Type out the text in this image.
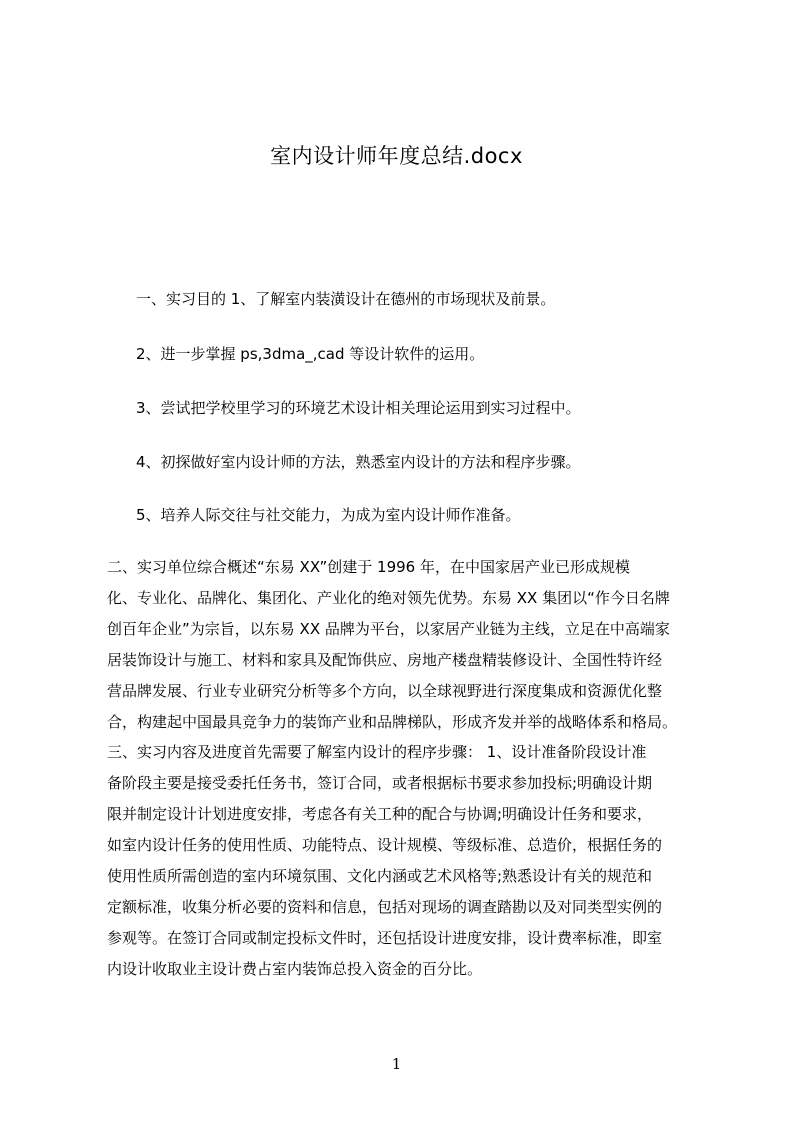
室内设计师年度总结.docx
一、实习目的 1、了解室内装潢设计在德州的市场现状及前景。
2、进一步掌握 ps,3dma_,cad 等设计软件的运用。
3、尝试把学校里学习的环境艺术设计相关理论运用到实习过程中。
4、初探做好室内设计师的方法，熟悉室内设计的方法和程序步骤。
5、培养人际交往与社交能力，为成为室内设计师作准备。
二、实习单位综合概述“东易 XX”创建于 1996 年，在中国家居产业已形成规模
化、专业化、品牌化、集团化、产业化的绝对领先优势。东易 XX 集团以“作今日名牌
创百年企业”为宗旨，以东易 XX 品牌为平台，以家居产业链为主线，立足在中高端家
居装饰设计与施工、材料和家具及配饰供应、房地产楼盘精装修设计、全国性特许经
营品牌发展、行业专业研究分析等多个方向，以全球视野进行深度集成和资源优化整
合，构建起中国最具竞争力的装饰产业和品牌梯队，形成齐发并举的战略体系和格局。
三、实习内容及进度首先需要了解室内设计的程序步骤： 1、设计准备阶段设计准
备阶段主要是接受委托任务书，签订合同，或者根据标书要求参加投标;明确设计期
限并制定设计计划进度安排，考虑各有关工种的配合与协调;明确设计任务和要求，
如室内设计任务的使用性质、功能特点、设计规模、等级标准、总造价，根据任务的
使用性质所需创造的室内环境氛围、文化内涵或艺术风格等;熟悉设计有关的规范和
定额标准，收集分析必要的资料和信息，包括对现场的调查踏勘以及对同类型实例的
参观等。在签订合同或制定投标文件时，还包括设计进度安排，设计费率标准，即室
内设计收取业主设计费占室内装饰总投入资金的百分比。
1
